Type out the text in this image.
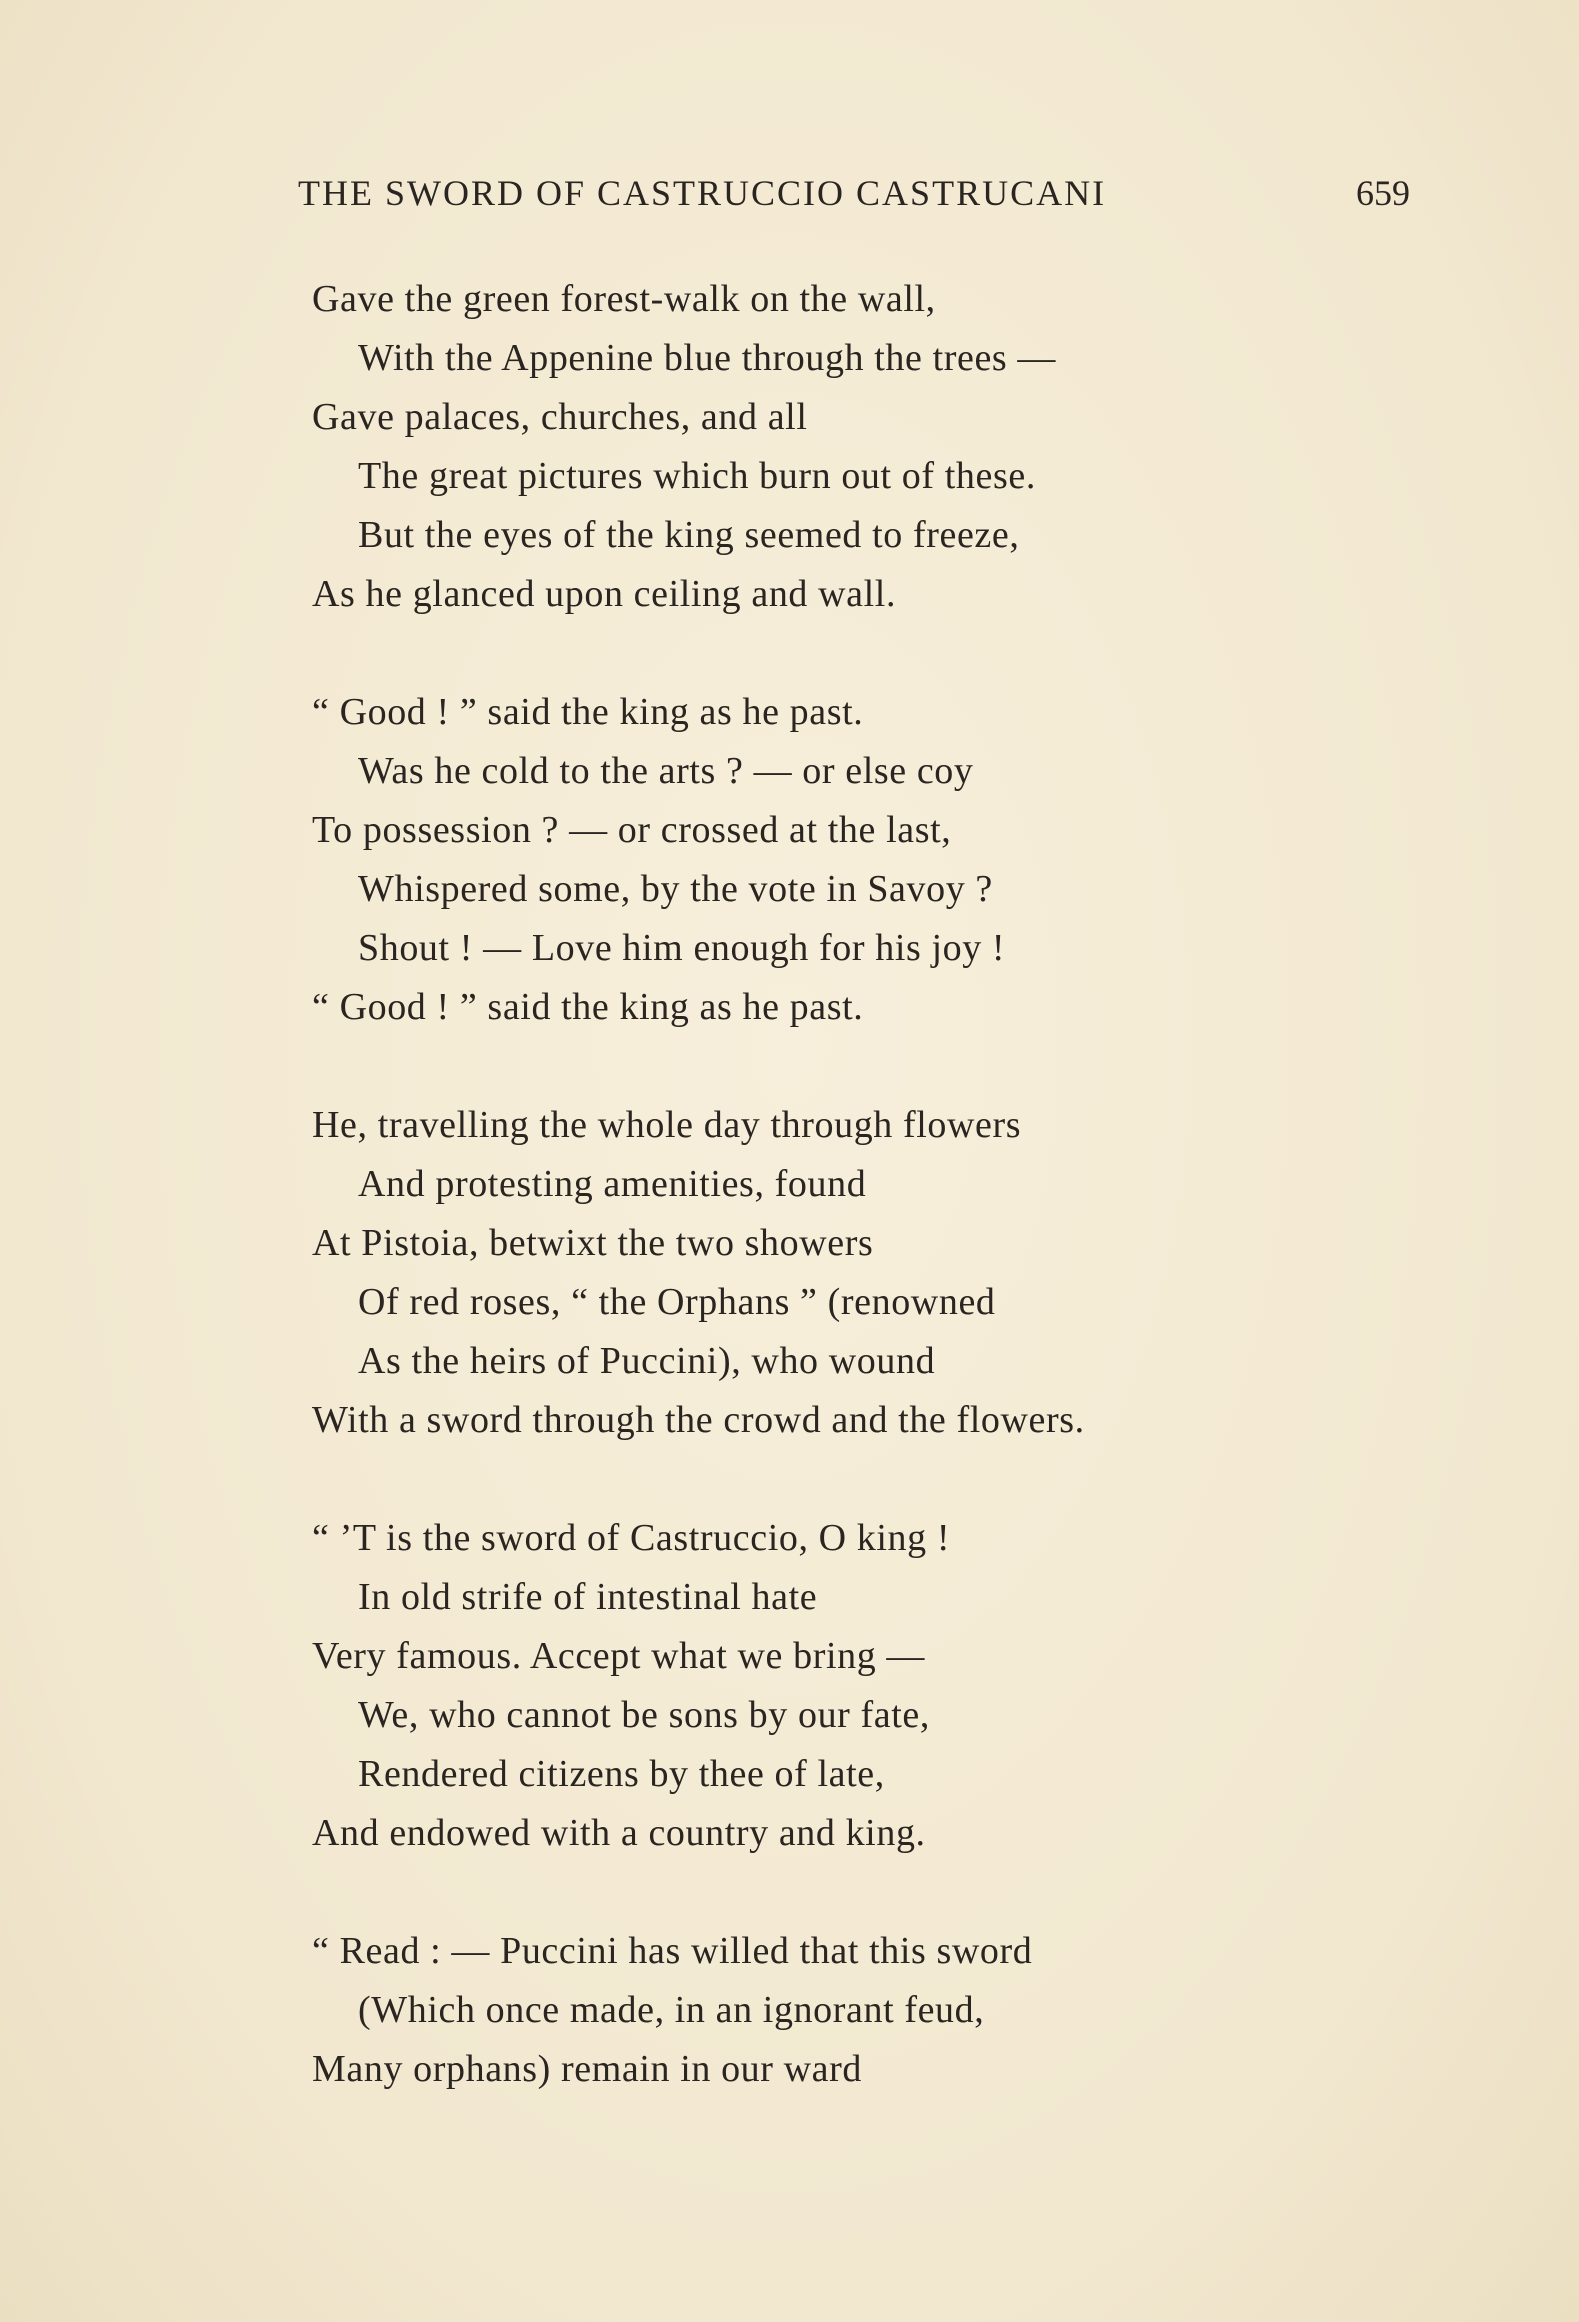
THE SWORD OF CASTRUCCIO CASTRUCANI	659
Gave the green forest-walk on the wall,
With the Appenine blue through the trees —
Gave palaces, churches, and all
The great pictures which burn out of these.
But the eyes of the king seemed to freeze,
As he glanced upon ceiling and wall.
“ Good ! ” said the king as he past.
Was he cold to the arts ? — or else coy
To possession ? — or crossed at the last,
Whispered some, by the vote in Savoy ?
Shout ! — Love him enough for his joy !
“ Good ! ” said the king as he past.
He, travelling the whole day through flowers
And protesting amenities, found
At Pistoia, betwixt the two showers
Of red roses, “ the Orphans ” (renowned
As the heirs of Puccini), who wound
With a sword through the crowd and the flowers.
“ ’T is the sword of Castruccio, O king !
In old strife of intestinal hate
Very famous. Accept what we bring —
We, who cannot be sons by our fate,
Rendered citizens by thee of late,
And endowed with a country and king.
“ Read : — Puccini has willed that this sword
(Which once made, in an ignorant feud,
Many orphans) remain in our ward
